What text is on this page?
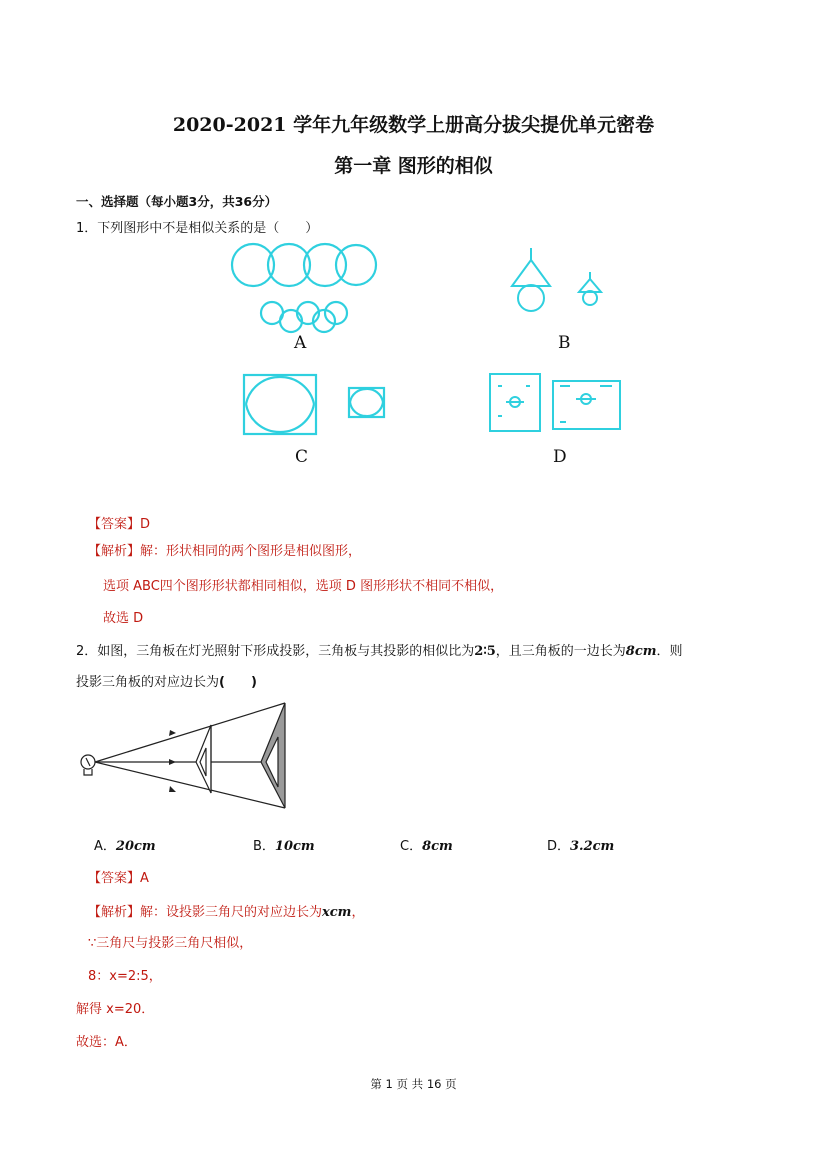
2020-2021 学年九年级数学上册高分拔尖提优单元密卷
第一章 图形的相似
一、选择题（每小题3分，共36分）
1．下列图形中不是相似关系的是（　　）
A	B
C	D
【答案】D
【解析】解：形状相同的两个图形是相似图形，
选项 ABC四个图形形状都相同相似，选项 D 图形形状不相同不相似，
故选 D
2．如图，三角板在灯光照射下形成投影，三角板与其投影的相似比为2∶5，且三角板的一边长为8cm．则
投影三角板的对应边长为(　　)
A．20cm	B．10cm	C．8cm	D．3.2cm
【答案】A
【解析】解：设投影三角尺的对应边长为xcm，
∵三角尺与投影三角尺相似，
8：x=2:5，
解得 x=20．
故选：A．
第 1 页 共 16 页
